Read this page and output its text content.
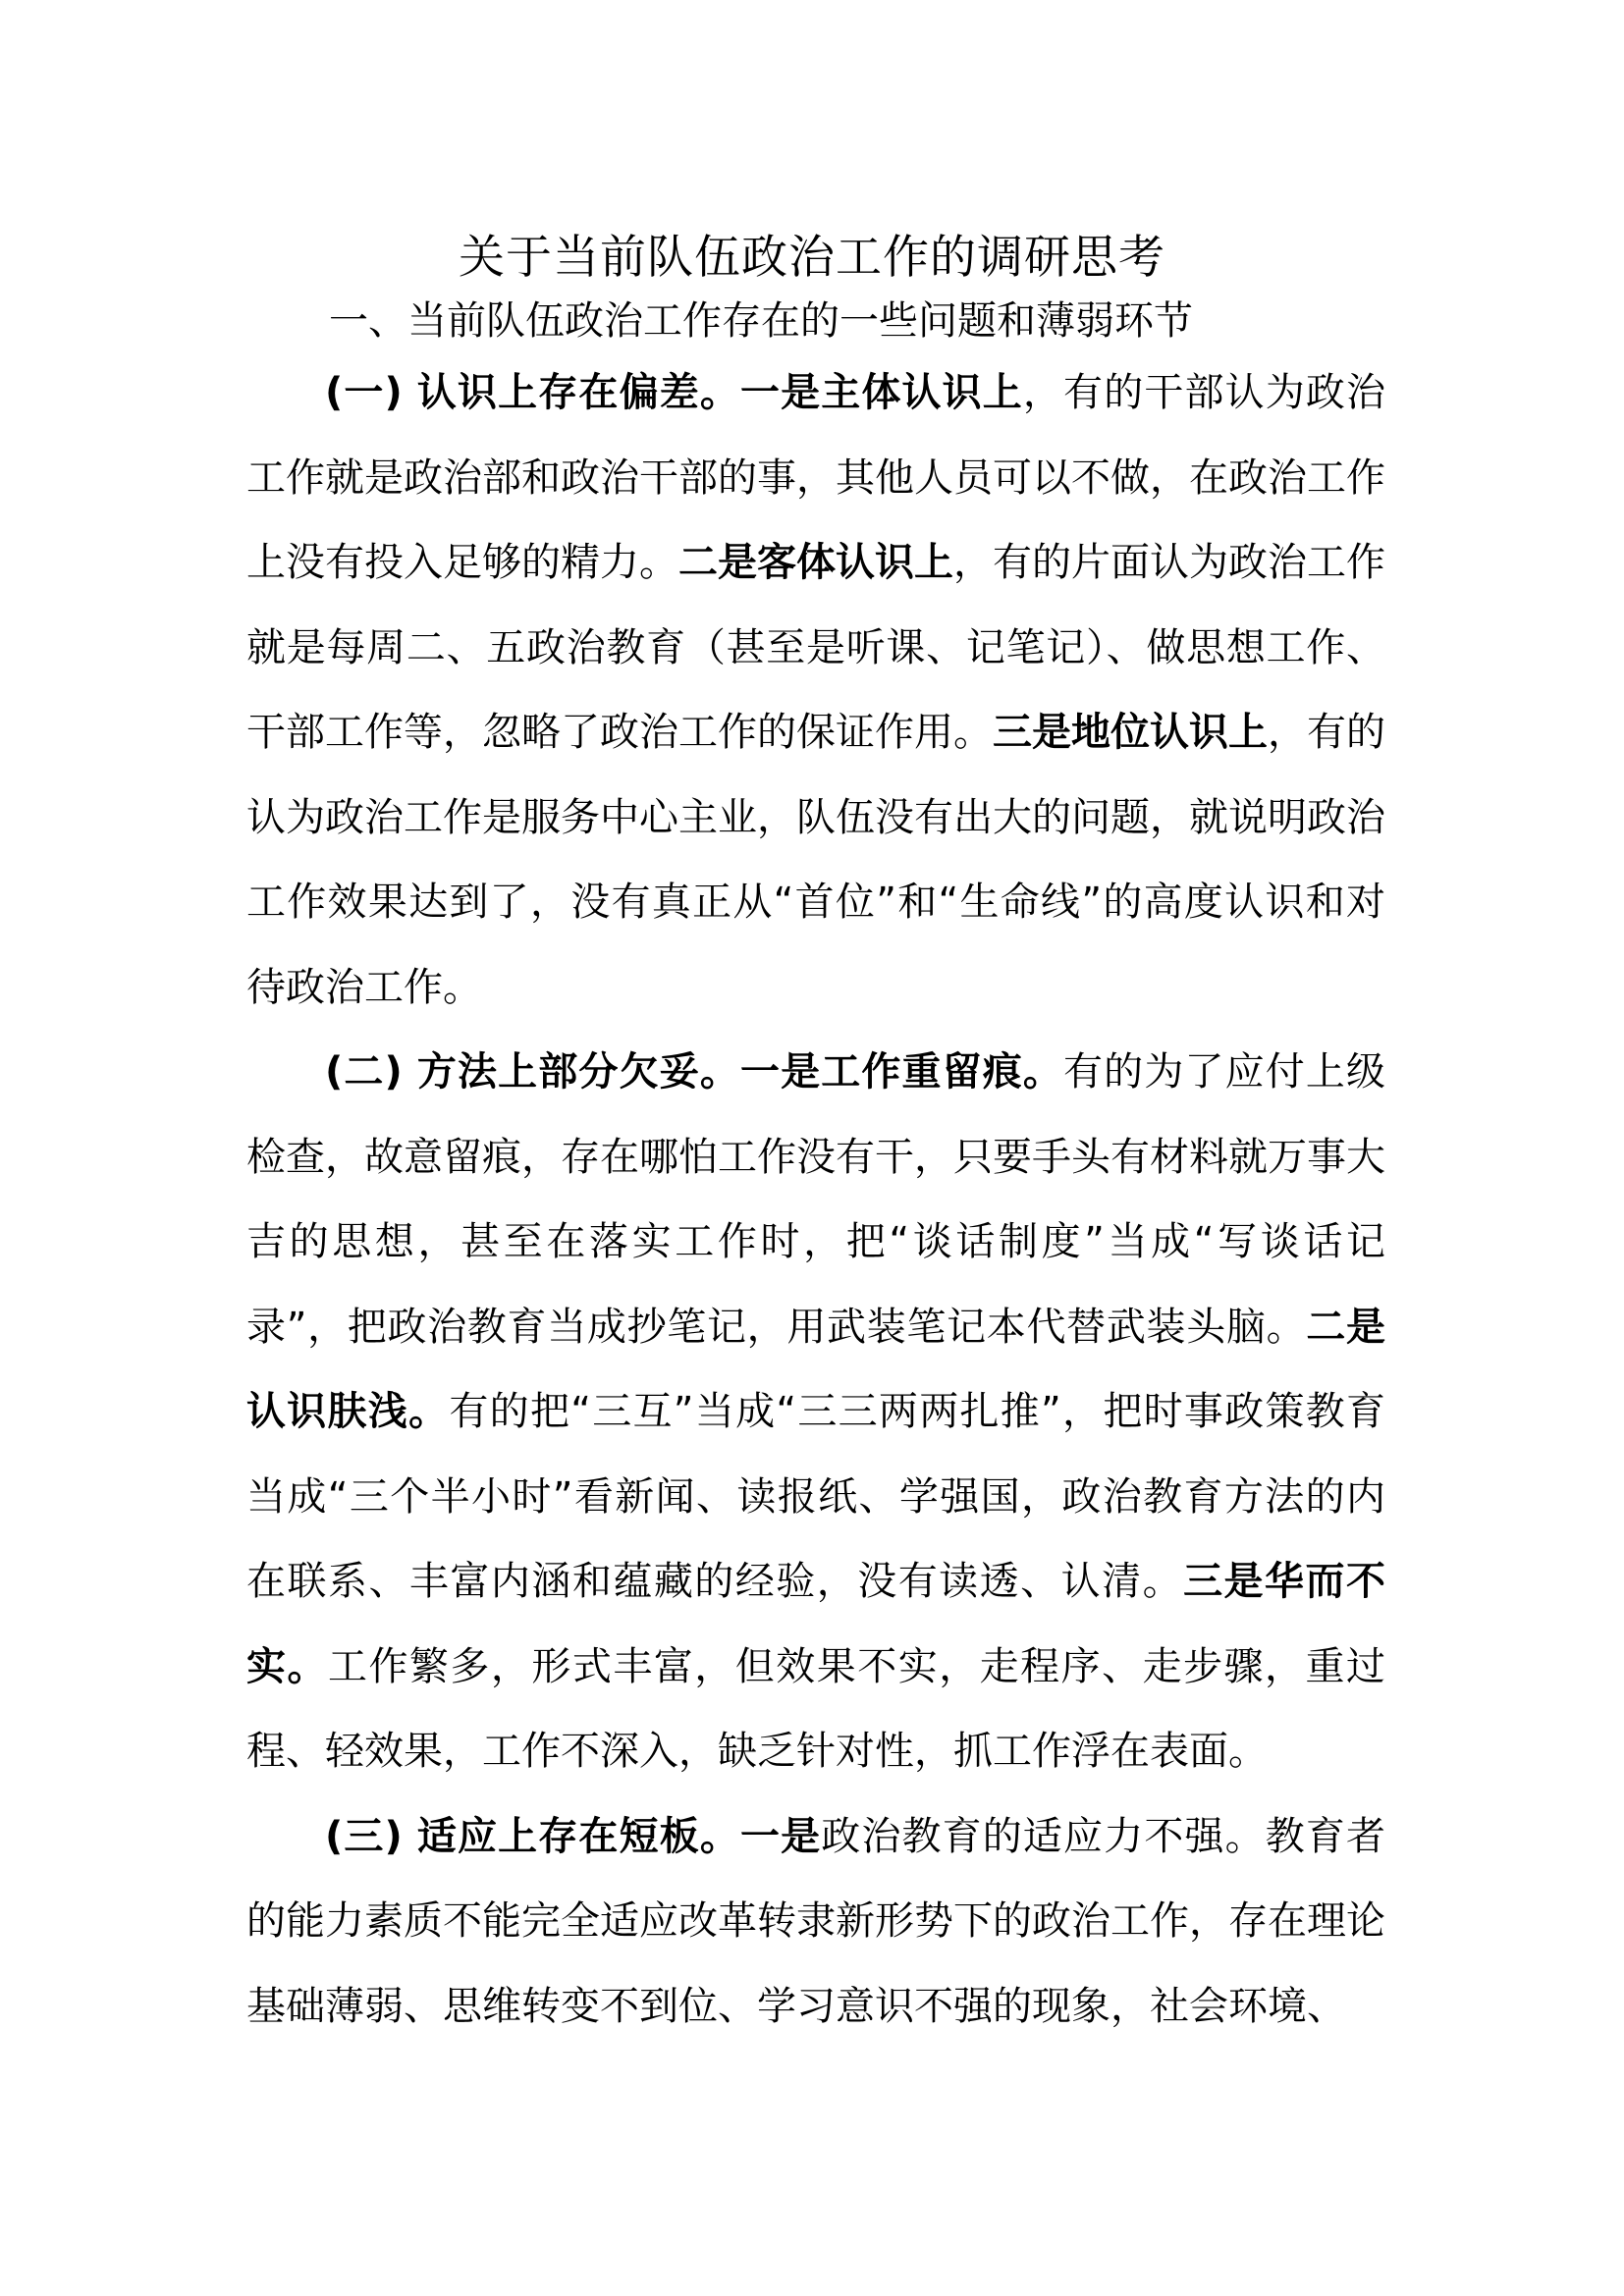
关于当前队伍政治工作的调研思考
一、当前队伍政治工作存在的一些问题和薄弱环节

(一) 认识上存在偏差。一是主体认识上，有的干部认为政治工作就是政治部和政治干部的事，其他人员可以不做，在政治工作上没有投入足够的精力。二是客体认识上，有的片面认为政治工作就是每周二、五政治教育（甚至是听课、记笔记）、做思想工作、干部工作等，忽略了政治工作的保证作用。三是地位认识上，有的认为政治工作是服务中心主业，队伍没有出大的问题，就说明政治工作效果达到了，没有真正从“首位”和“生命线”的高度认识和对待政治工作。

(二) 方法上部分欠妥。一是工作重留痕。有的为了应付上级检查，故意留痕，存在哪怕工作没有干，只要手头有材料就万事大吉的思想，甚至在落实工作时，把“谈话制度”当成“写谈话记录”，把政治教育当成抄笔记，用武装笔记本代替武装头脑。二是认识肤浅。有的把“三互”当成“三三两两扎推”，把时事政策教育当成“三个半小时”看新闻、读报纸、学强国，政治教育方法的内在联系、丰富内涵和蕴藏的经验，没有读透、认清。三是华而不实。工作繁多，形式丰富，但效果不实，走程序、走步骤，重过程、轻效果，工作不深入，缺乏针对性，抓工作浮在表面。

(三) 适应上存在短板。一是政治教育的适应力不强。教育者的能力素质不能完全适应改革转隶新形势下的政治工作，存在理论基础薄弱、思维转变不到位、学习意识不强的现象，社会环境、
